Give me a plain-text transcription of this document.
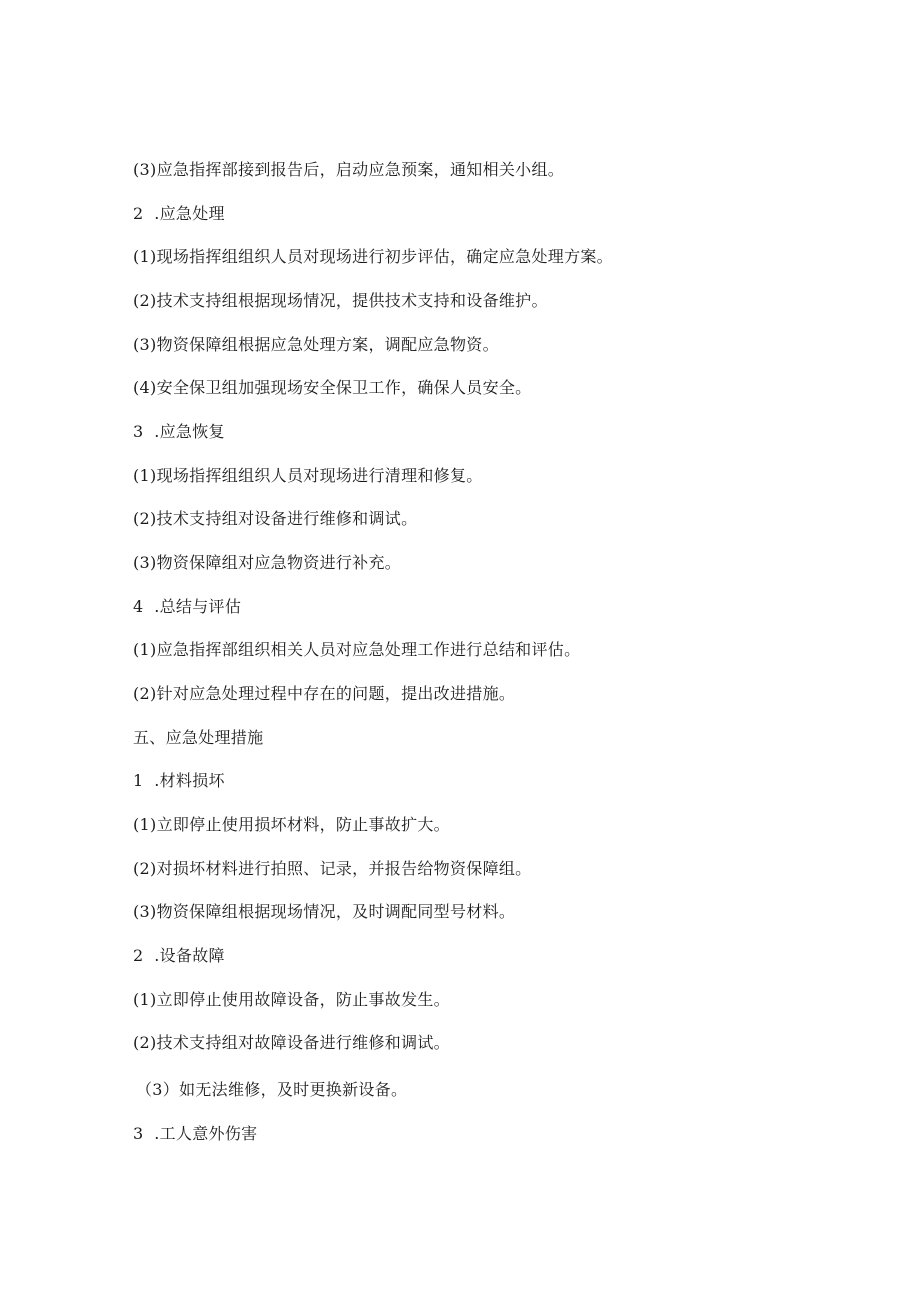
(3)应急指挥部接到报告后，启动应急预案，通知相关小组。
2  .应急处理
(1)现场指挥组组织人员对现场进行初步评估，确定应急处理方案。
(2)技术支持组根据现场情况，提供技术支持和设备维护。
(3)物资保障组根据应急处理方案，调配应急物资。
(4)安全保卫组加强现场安全保卫工作，确保人员安全。
3  .应急恢复
(1)现场指挥组组织人员对现场进行清理和修复。
(2)技术支持组对设备进行维修和调试。
(3)物资保障组对应急物资进行补充。
4  .总结与评估
(1)应急指挥部组织相关人员对应急处理工作进行总结和评估。
(2)针对应急处理过程中存在的问题，提出改进措施。
五、应急处理措施
1  .材料损坏
(1)立即停止使用损坏材料，防止事故扩大。
(2)对损坏材料进行拍照、记录，并报告给物资保障组。
(3)物资保障组根据现场情况，及时调配同型号材料。
2  .设备故障
(1)立即停止使用故障设备，防止事故发生。
(2)技术支持组对故障设备进行维修和调试。
（3）如无法维修，及时更换新设备。
3  .工人意外伤害
